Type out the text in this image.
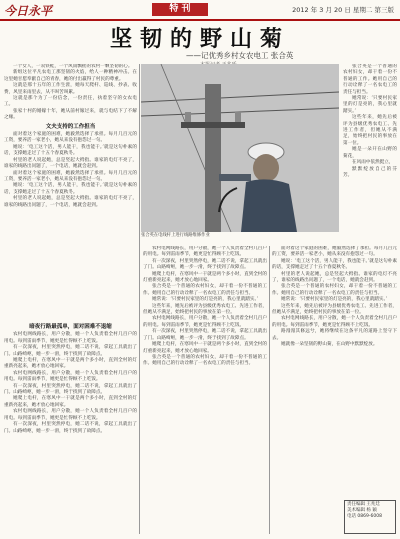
今日永平	特 刊	2012 年 3 月 20 日 星期二 第三版
坚韧的野山菊
——记优秀乡村女农电工 张合英

一个女人，一双铁鞋，一个风雨飘摇的农村一颗坚韧的心。

新组这位平凡农电工那坚韧的火焰，给人一种精神冲击。在这里她甘愿奉献自己的青春，她的付出赢得了村民的尊重。

这就是那十五年的工作生涯，她每天爬杆、巡线、抄表、收费，风里来雨里去，从不叫苦叫累。

这就是那个为了一份信念，一份责任，执着坚守的女农电工。

张家十村的婚嫁十年，她从前村嫁过来，就与电结下了不解之缘。

文夫支持的工作担当

面对着这个家庭的困难，她毅然选择了承担。每月几百元的工资，要养活一家老小，她从来没有抱怨过一句。

她说：‘电工这个活，男人能干，我也能干。’就是这句朴素的话，支撑她走过了十五个春夏秋冬。

村里的老人说起她，总是竖起大拇指。谁家的电灯不亮了，谁家的线路出问题了，一个电话，她就会赶到。

面对着这个家庭的困难，她毅然选择了承担。每月几百元的工资，要养活一家老小，她从来没有抱怨过一句。

她说：‘电工这个活，男人能干，我也能干。’就是这句朴素的话，支撑她走过了十五个春夏秋冬。

村里的老人说起她，总是竖起大拇指。谁家的电灯不亮了，谁家的线路出问题了，一个电话，她就会赶到。

暗夜行路最孤单，面对困难不退缩

农村电网线路长，用户分散，她一个人负责着全村几百户的用电。每到雷雨季节，她更是忙得顾不上吃饭。

有一次深夜，村里突然停电，她二话不说，拿起工具就出了门。山路崎岖，她一步一滑，终于找到了故障点。

她爬上电杆，在寒风中一干就是两个多小时，直到全村的灯重新亮起来，她才放心地回家。

农村电网线路长，用户分散，她一个人负责着全村几百户的用电。每到雷雨季节，她更是忙得顾不上吃饭。

有一次深夜，村里突然停电，她二话不说，拿起工具就出了门。山路崎岖，她一步一滑，终于找到了故障点。

她爬上电杆，在寒风中一干就是两个多小时，直到全村的灯重新亮起来，她才放心地回家。

农村电网线路长，用户分散，她一个人负责着全村几百户的用电。每到雷雨季节，她更是忙得顾不上吃饭。

有一次深夜，村里突然停电，她二话不说，拿起工具就出了门。山路崎岖，她一步一滑，终于找到了故障点。

张合英在电线杆上进行线路维修作业

张合英是一个普通的农村妇女，却干着一份不普通的工作。她用自己的行动诠释了一名农电工的责任与担当。

她常说：‘只要村民家里的灯是亮的，我心里就踏实。’

这些年来，她先后被评为县级优秀农电工、先进工作者，但她从不满足，始终把村民的事放在第一位。

她是一朵开在山野的菊花，

在风雨中依然挺立，

默默绽放自己的芬芳。

农村电网线路长，用户分散，她一个人负责着全村几百户的用电。每到雷雨季节，她更是忙得顾不上吃饭。

有一次深夜，村里突然停电，她二话不说，拿起工具就出了门。山路崎岖，她一步一滑，终于找到了故障点。

她爬上电杆，在寒风中一干就是两个多小时，直到全村的灯重新亮起来，她才放心地回家。

张合英是一个普通的农村妇女，却干着一份不普通的工作。她用自己的行动诠释了一名农电工的责任与担当。

她常说：‘只要村民家里的灯是亮的，我心里就踏实。’

这些年来，她先后被评为县级优秀农电工、先进工作者，但她从不满足，始终把村民的事放在第一位。

农村电网线路长，用户分散，她一个人负责着全村几百户的用电。每到雷雨季节，她更是忙得顾不上吃饭。

有一次深夜，村里突然停电，她二话不说，拿起工具就出了门。山路崎岖，她一步一滑，终于找到了故障点。

她爬上电杆，在寒风中一干就是两个多小时，直到全村的灯重新亮起来，她才放心地回家。

张合英是一个普通的农村妇女，却干着一份不普通的工作。她用自己的行动诠释了一名农电工的责任与担当。

面对着这个家庭的困难，她毅然选择了承担。每月几百元的工资，要养活一家老小，她从来没有抱怨过一句。

她说：‘电工这个活，男人能干，我也能干。’就是这句朴素的话，支撑她走过了十五个春夏秋冬。

村里的老人说起她，总是竖起大拇指。谁家的电灯不亮了，谁家的线路出问题了，一个电话，她就会赶到。

张合英是一个普通的农村妇女，却干着一份不普通的工作。她用自己的行动诠释了一名农电工的责任与担当。

她常说：‘只要村民家里的灯是亮的，我心里就踏实。’

这些年来，她先后被评为县级优秀农电工、先进工作者，但她从不满足，始终把村民的事放在第一位。

农村电网线路长，用户分散，她一个人负责着全村几百户的用电。每到雷雨季节，她更是忙得顾不上吃饭。

路漫漫其修远兮，她将继续在这条平凡的道路上坚守下去。

她就像一朵坚韧的野山菊，在山野中默默绽放。

责任编辑 王兆廷
美术编辑 杨 颖
电话 0869-6008
